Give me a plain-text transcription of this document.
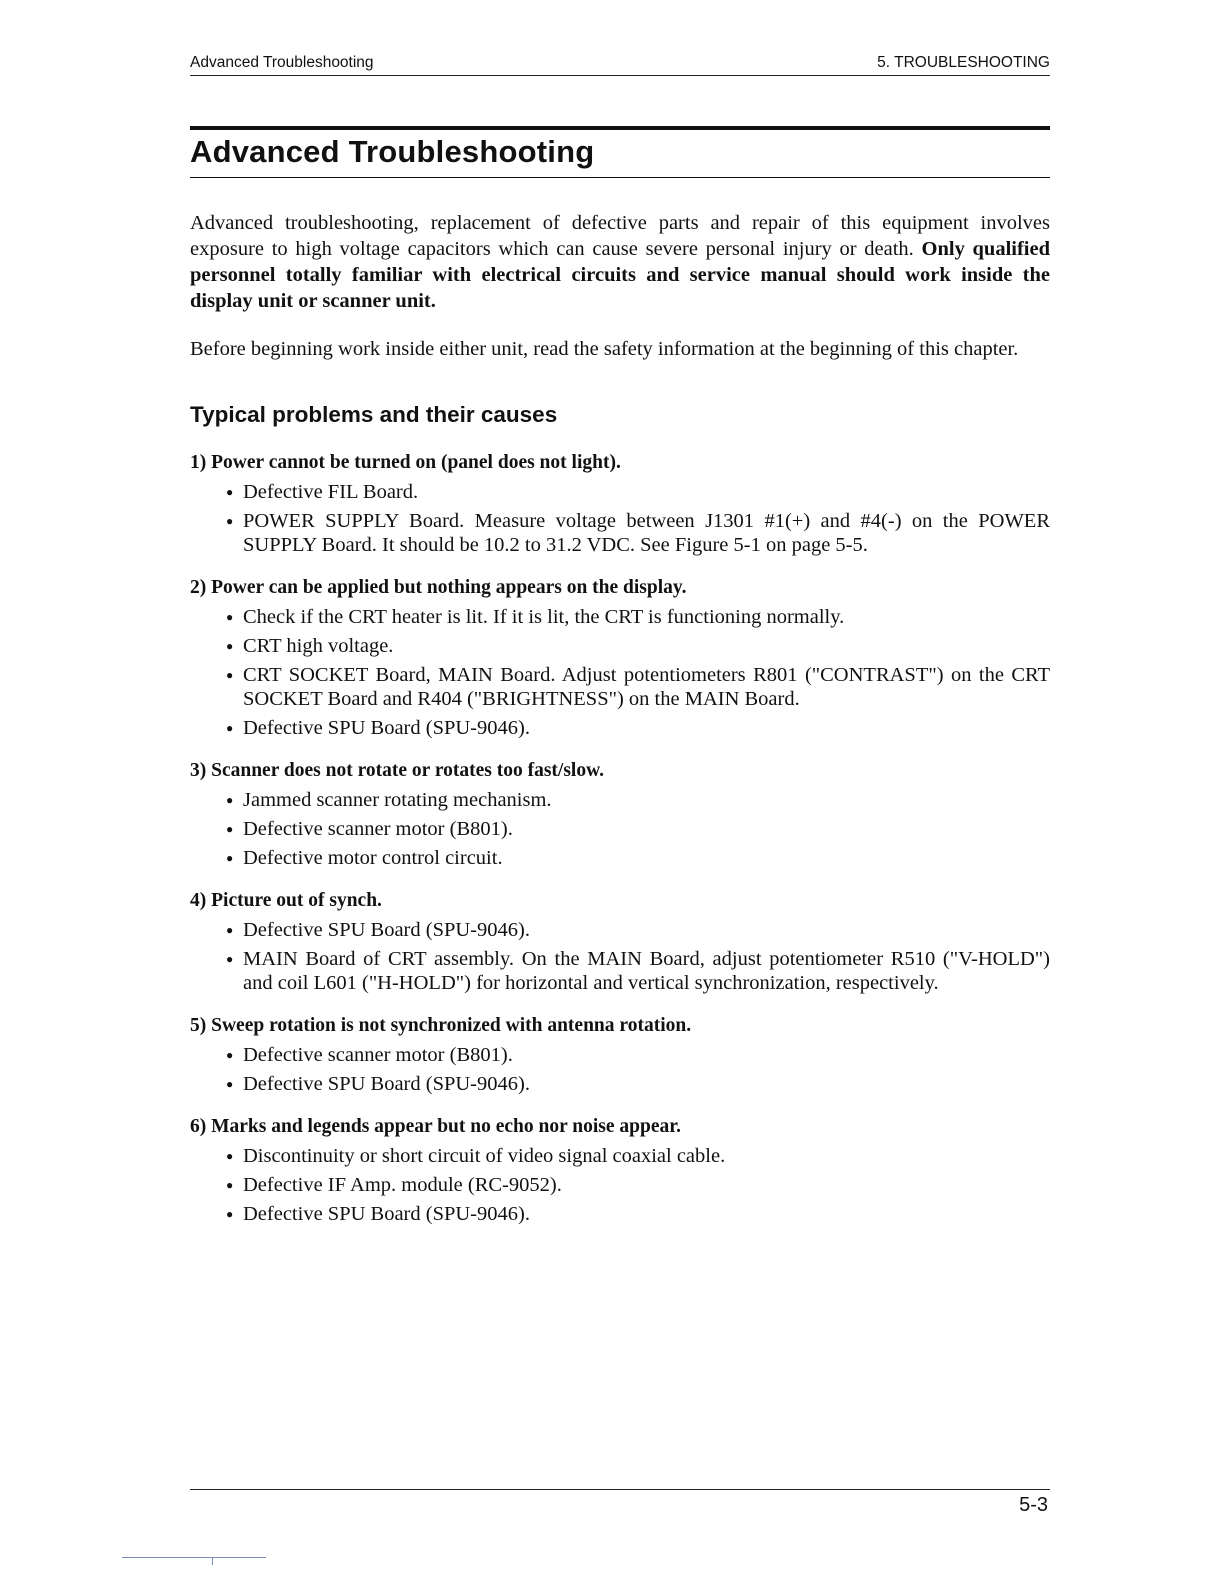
Advanced Troubleshooting	5. TROUBLESHOOTING
Advanced Troubleshooting

Advanced troubleshooting, replacement of defective parts and repair of this equipment involves exposure to high voltage capacitors which can cause severe personal injury or death. Only qualified personnel totally familiar with electrical circuits and service manual should work inside the display unit or scanner unit.

Before beginning work inside either unit, read the safety information at the beginning of this chapter.

Typical problems and their causes

1) Power cannot be turned on (panel does not light).

● Defective FIL Board.
● POWER SUPPLY Board. Measure voltage between J1301 #1(+) and #4(-) on the POWER SUPPLY Board. It should be 10.2 to 31.2 VDC. See Figure 5-1 on page 5-5.

2) Power can be applied but nothing appears on the display.

● Check if the CRT heater is lit. If it is lit, the CRT is functioning normally.
● CRT high voltage.
● CRT SOCKET Board, MAIN Board. Adjust potentiometers R801 ("CONTRAST") on the CRT SOCKET Board and R404 ("BRIGHTNESS") on the MAIN Board.
● Defective SPU Board (SPU-9046).

3) Scanner does not rotate or rotates too fast/slow.

● Jammed scanner rotating mechanism.
● Defective scanner motor (B801).
● Defective motor control circuit.

4) Picture out of synch.

● Defective SPU Board (SPU-9046).
● MAIN Board of CRT assembly. On the MAIN Board, adjust potentiometer R510 ("V-HOLD") and coil L601 ("H-HOLD") for horizontal and vertical synchronization, respectively.

5) Sweep rotation is not synchronized with antenna rotation.

● Defective scanner motor (B801).
● Defective SPU Board (SPU-9046).

6) Marks and legends appear but no echo nor noise appear.

● Discontinuity or short circuit of video signal coaxial cable.
● Defective IF Amp. module (RC-9052).
● Defective SPU Board (SPU-9046).
5-3
